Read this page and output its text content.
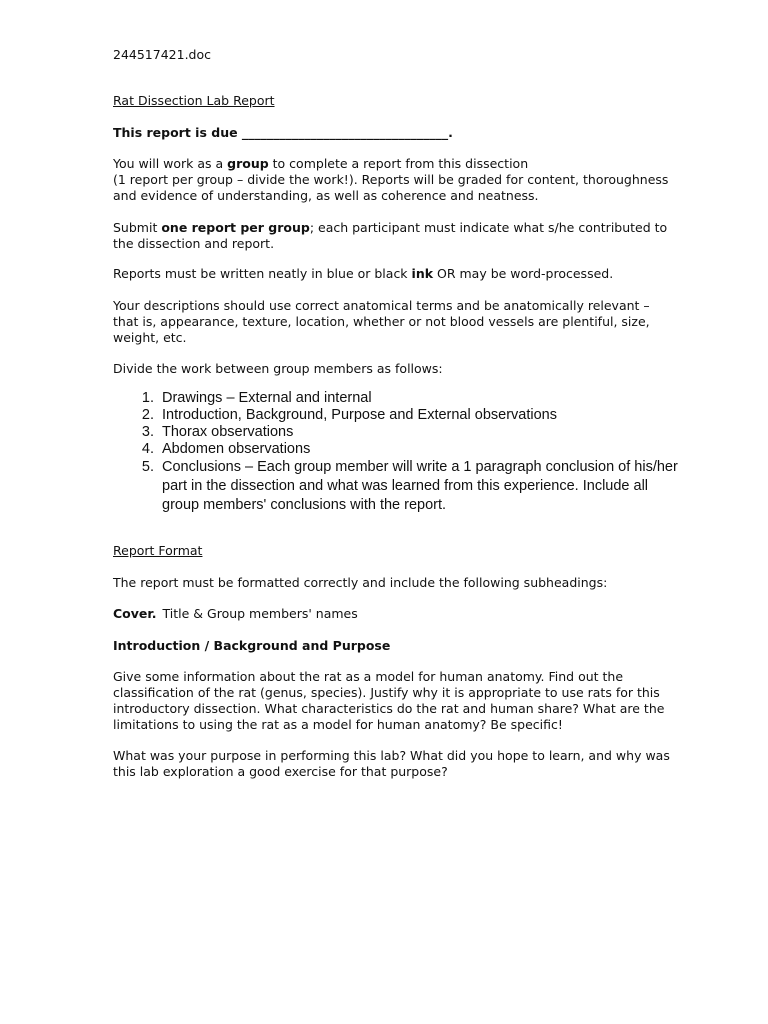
244517421.doc
Rat Dissection Lab Report
This report is due _________________________________.

You will work as a group to complete a report from this dissection
(1 report per group – divide the work!). Reports will be graded for content, thoroughness and evidence of understanding, as well as coherence and neatness.

Submit one report per group; each participant must indicate what s/he contributed to the dissection and report.

Reports must be written neatly in blue or black ink OR may be word-processed.

Your descriptions should use correct anatomical terms and be anatomically relevant – that is, appearance, texture, location, whether or not blood vessels are plentiful, size, weight, etc.

Divide the work between group members as follows:

1. Drawings – External and internal
2. Introduction, Background, Purpose and External observations
3. Thorax observations
4. Abdomen observations
5. Conclusions – Each group member will write a 1 paragraph conclusion of his/her part in the dissection and what was learned from this experience. Include all group members' conclusions with the report.
Report Format

The report must be formatted correctly and include the following subheadings:

Cover. Title & Group members' names
Introduction / Background and Purpose

Give some information about the rat as a model for human anatomy. Find out the classification of the rat (genus, species). Justify why it is appropriate to use rats for this introductory dissection. What characteristics do the rat and human share? What are the limitations to using the rat as a model for human anatomy? Be specific!

What was your purpose in performing this lab? What did you hope to learn, and why was this lab exploration a good exercise for that purpose?
